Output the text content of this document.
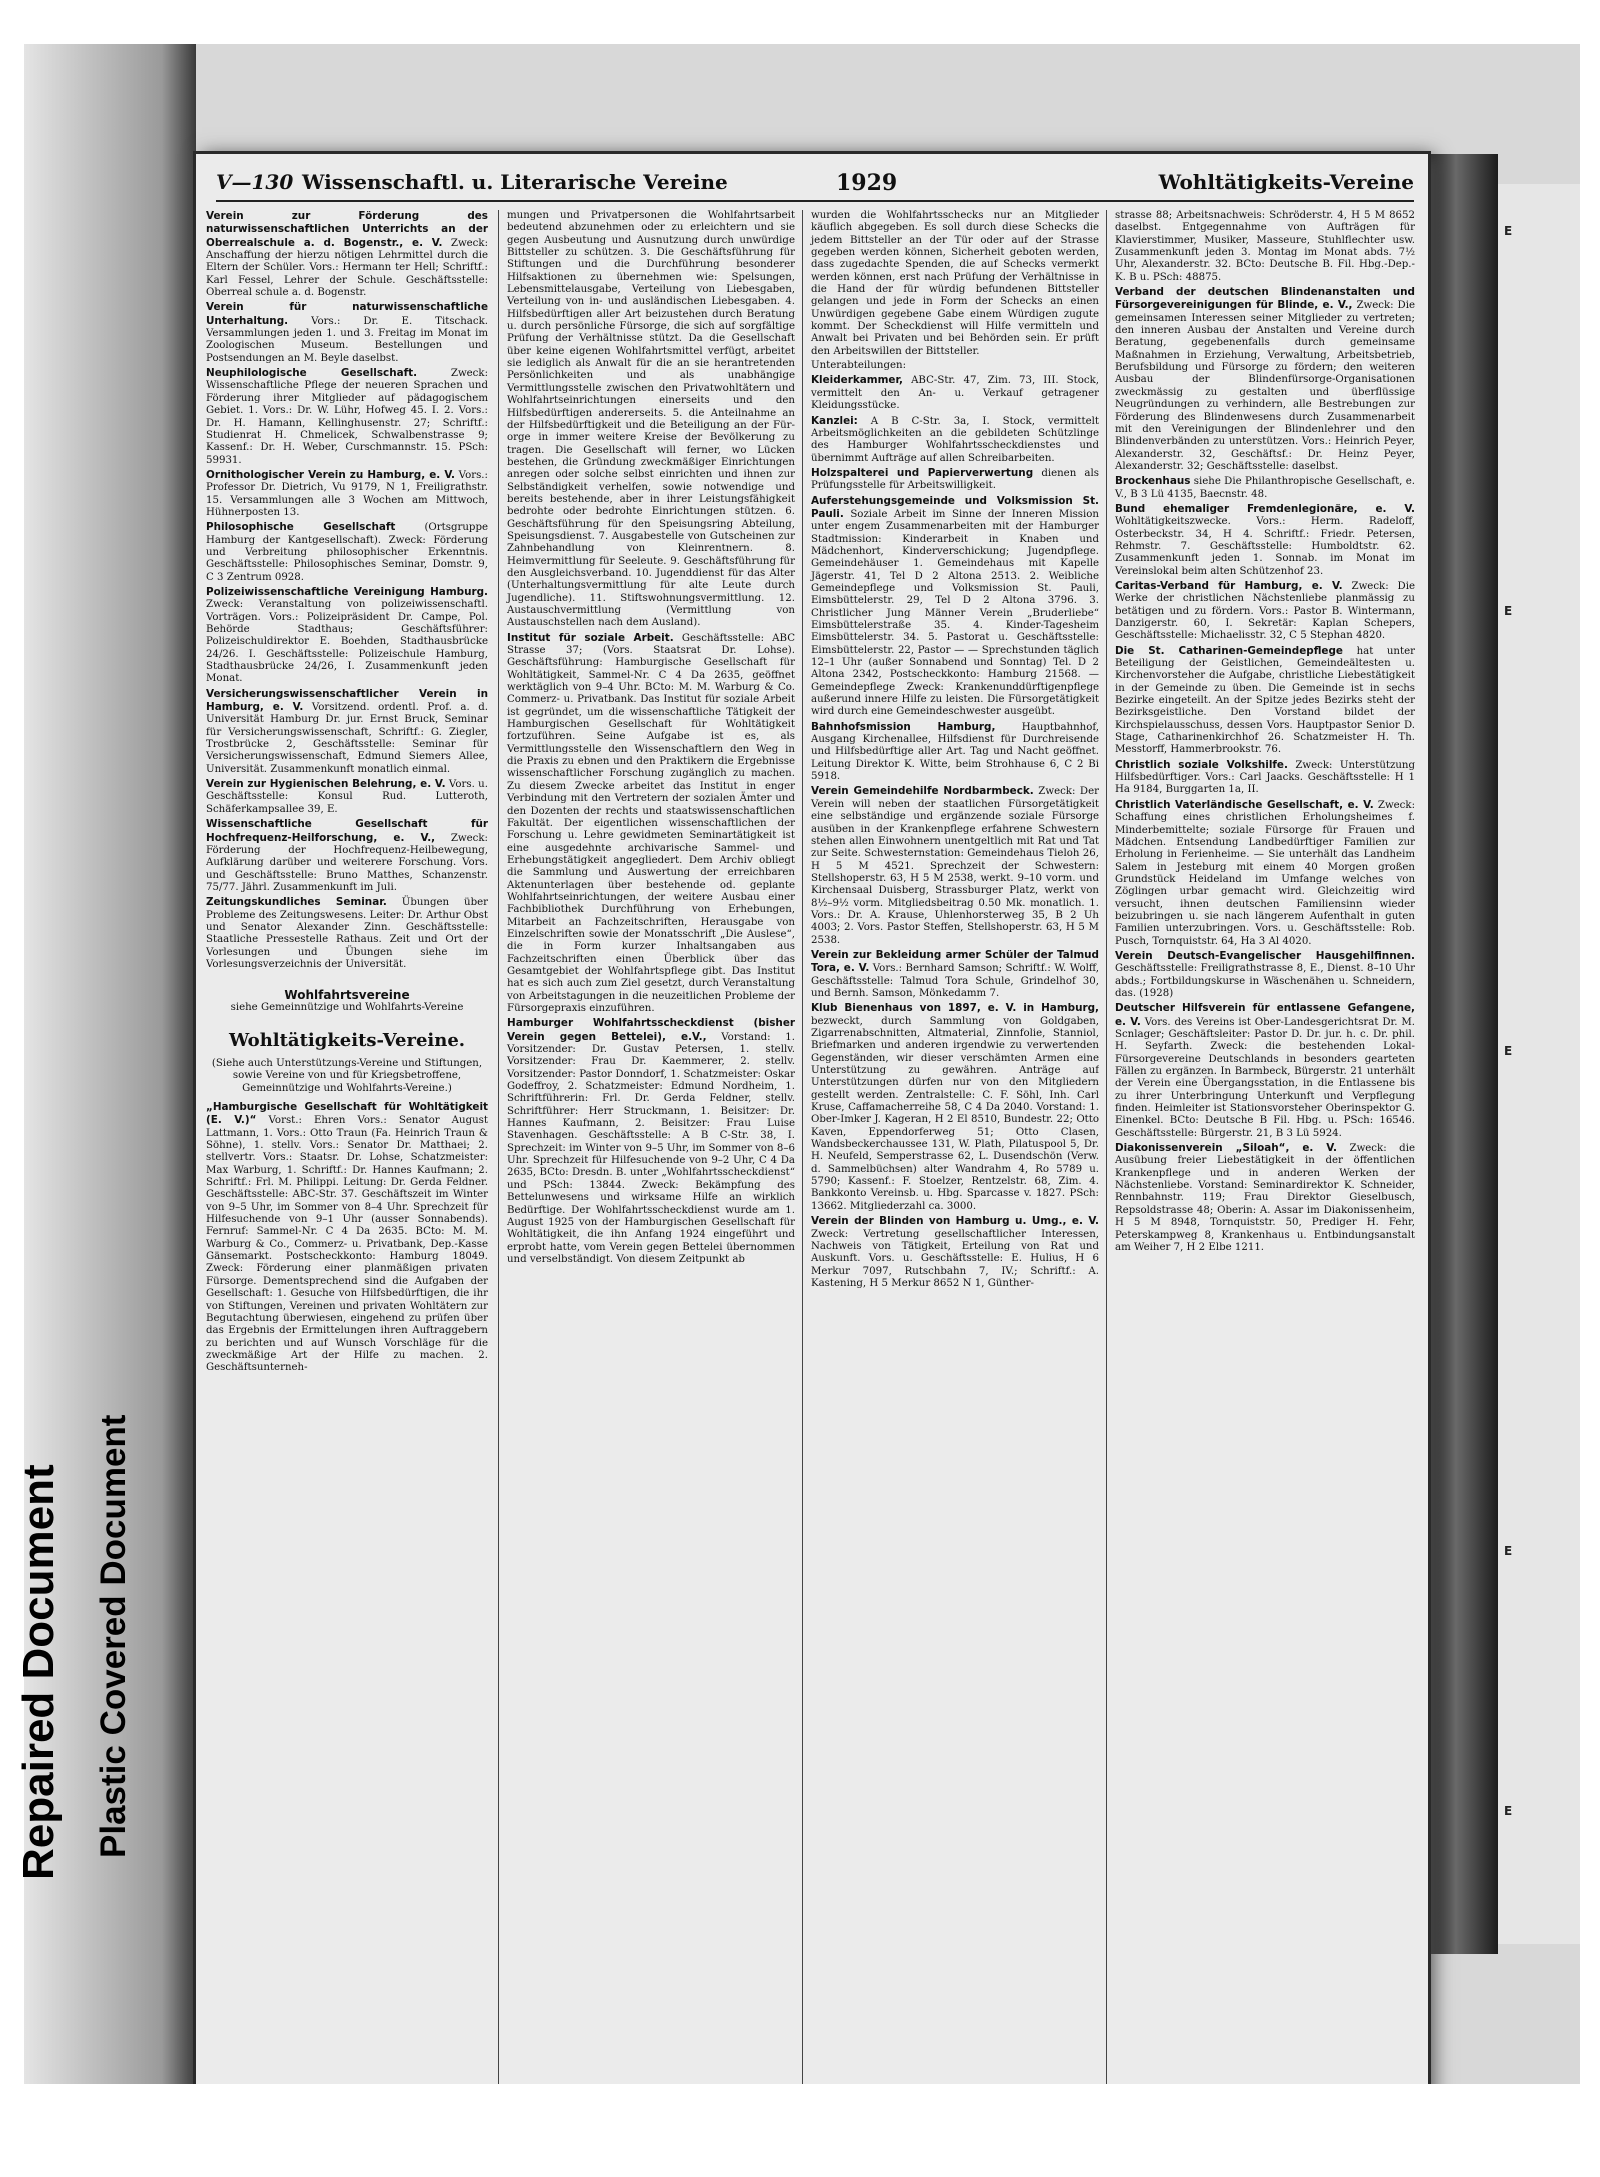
E
E
E
E
E
V—130 Wissenschaftl. u. Literarische Vereine	1929	Wohltätigkeits-Vereine
Verein zur Förderung des naturwissenschaftlichen Unterrichts an der Oberrealschule a. d. Bogenstr., e. V. Zweck: Anschaffung der hierzu nötigen Lehrmittel durch die Eltern der Schüler. Vors.: Hermann ter Hell; Schriftf.: Karl Fessel, Lehrer der Schule. Geschäftsstelle: Oberreal schule a. d. Bogenstr.
Verein für naturwissenschaftliche Unterhaltung. Vors.: Dr. E. Titschack. Versammlungen jeden 1. und 3. Freitag im Monat im Zoologischen Museum. Bestellungen und Postsendungen an M. Beyle daselbst.
Neuphilologische Gesellschaft.	Zweck: Wissenschaftliche Pflege der neueren Sprachen und Förderung ihrer Mitglieder auf pädagogischem Gebiet. 1. Vors.: Dr. W. Lühr, Hofweg 45. I. 2. Vors.: Dr. H. Hamann, Kellinghusenstr. 27; Schriftf.: Studienrat H. Chmelicek, Schwalbenstrasse 9; Kassenf.: Dr. H. Weber, Curschmannstr. 15. PSch: 59931.
Ornithologischer Verein zu Hamburg, e. V. Vors.: Professor Dr. Dietrich, Vu 9179, N 1, Freiligrathstr. 15. Versammlungen alle 3 Wochen am Mittwoch, Hühnerposten 13.
Philosophische Gesellschaft	(Ortsgruppe Hamburg der Kantgesellschaft). Zweck: Förderung und Verbreitung philosophischer Erkenntnis. Geschäftsstelle: Philosophisches Seminar, Domstr. 9, C 3 Zentrum 0928.
Polizeiwissenschaftliche Vereinigung Hamburg. Zweck: Veranstaltung von polizeiwissenschaftl. Vorträgen. Vors.: Polizeipräsident Dr. Campe, Pol. Behörde Stadthaus; Geschäftsführer: Polizeischuldirektor E. Boehden, Stadthausbrücke 24/26. I. Geschäftsstelle: Polizeischule Hamburg, Stadthausbrücke 24/26, I. Zusammenkunft jeden Monat.
Versicherungswissenschaftlicher Verein in Hamburg, e. V. Vorsitzend. ordentl. Prof. a. d. Universität Hamburg Dr. jur. Ernst Bruck, Seminar für Versicherungswissenschaft, Schriftf.: G. Ziegler, Trostbrücke 2, Geschäftsstelle: Seminar für Versicherungswissenschaft, Edmund Siemers Allee, Universität. Zusammenkunft monatlich einmal.
Verein zur Hygienischen Belehrung, e. V. Vors. u. Geschäftsstelle: Konsul Rud. Lutteroth, Schäferkampsallee 39, E.
Wissenschaftliche Gesellschaft für Hochfrequenz-Heilforschung, e. V., Zweck: Förderung der Hochfrequenz-Heilbewegung, Aufklärung darüber und weiterere Forschung. Vors. und Geschäftsstelle: Bruno Matthes, Schanzenstr. 75/77. Jährl. Zusammenkunft im Juli.
Zeitungskundliches Seminar. Übungen über Probleme des Zeitungswesens. Leiter: Dr. Arthur Obst und Senator Alexander Zinn. Geschäftsstelle: Staatliche Pressestelle Rathaus. Zeit und Ort der Vorlesungen und Übungen siehe im Vorlesungsverzeichnis der Universität.
Wohlfahrtsvereine
siehe Gemeinnützige und Wohlfahrts-Vereine
Wohltätigkeits-Vereine.
(Siehe auch Unterstützungs-Vereine und Stiftungen, sowie Vereine von und für Kriegsbetroffene, Gemeinnützige und Wohlfahrts-Vereine.)
„Hamburgische Gesellschaft für Wohltätigkeit (E. V.)“ Vorst.: Ehren Vors.: Senator August Lattmann, 1. Vors.: Otto Traun (Fa. Heinrich Traun & Söhne), 1. stellv. Vors.: Senator Dr. Matthaei; 2. stellvertr. Vors.: Staatsr. Dr. Lohse, Schatzmeister: Max Warburg, 1. Schriftf.: Dr. Hannes Kaufmann; 2. Schriftf.: Frl. M. Philippi. Leitung: Dr. Gerda Feldner. Geschäftsstelle: ABC-Str. 37. Geschäftszeit im Winter von 9–5 Uhr, im Sommer von 8–4 Uhr. Sprechzeit für Hilfesuchende von 9–1 Uhr (ausser Sonnabends). Fernruf: Sammel-Nr. C 4 Da 2635. BCto: M. M. Warburg & Co., Commerz- u. Privatbank, Dep.-Kasse Gänsemarkt. Postscheckkonto: Hamburg 18049. Zweck: Förderung einer planmäßigen privaten Fürsorge. Dementsprechend sind die Aufgaben der Gesellschaft: 1. Gesuche von Hilfsbedürftigen, die ihr von Stiftungen, Vereinen und privaten Wohltätern zur Begutachtung überwiesen, eingehend zu prüfen über das Ergebnis der Ermittelungen ihren Auftraggebern zu berichten und auf Wunsch Vorschläge für die zweckmäßige Art der Hilfe zu machen. 2. Geschäftsunterneh-
mungen und Privatpersonen die Wohlfahrtsarbeit bedeutend abzunehmen oder zu erleichtern und sie gegen Ausbeutung und Ausnutzung durch unwürdige Bittsteller zu schützen. 3. Die Geschäftsführung für Stiftungen und die Durchführung besonderer Hilfsaktionen zu übernehmen wie: Spelsungen, Lebensmittelausgabe, Verteilung von Liebesgaben, Verteilung von in- und ausländischen Liebesgaben. 4. Hilfsbedürftigen aller Art beizustehen durch Beratung u. durch persönliche Fürsorge, die sich auf sorgfältige Prüfung der Verhältnisse stützt. Da die Gesellschaft über keine eigenen Wohlfahrtsmittel verfügt, arbeitet sie lediglich als Anwalt für die an sie herantretenden Persönlichkeiten und als unabhängige Vermittlungsstelle zwischen den Privatwohltätern und Wohlfahrtseinrichtungen einerseits und den Hilfsbedürftigen andererseits. 5. die Anteilnahme an der Hilfsbedürftigkeit und die Beteiligung an der Für-orge in immer weitere Kreise der Bevölkerung zu tragen. Die Gesellschaft will ferner, wo Lücken bestehen, die Gründung zweckmäßiger Einrichtungen anregen oder solche selbst einrichten und ihnen zur Selbständigkeit verhelfen, sowie notwendige und bereits bestehende, aber in ihrer Leistungsfähigkeit bedrohte oder bedrohte Einrichtungen stützen. 6. Geschäftsführung für den Speisungsring Abteilung, Speisungsdienst. 7. Ausgabestelle von Gutscheinen zur Zahnbehandlung von Kleinrentnern. 8. Heimvermittlung für Seeleute. 9. Geschäftsführung für den Ausgleichsverband. 10. Jugenddienst für das Alter (Unterhaltungsvermittlung für alte Leute durch Jugendliche). 11. Stiftswohnungsvermittlung. 12. Austauschvermittlung (Vermittlung von Austauschstellen nach dem Ausland).
Institut für soziale Arbeit. Geschäftsstelle: ABC Strasse 37; (Vors. Staatsrat Dr. Lohse). Geschäftsführung: Hamburgische Gesellschaft für Wohltätigkeit, Sammel-Nr. C 4 Da 2635, geöffnet werktäglich von 9–4 Uhr. BCto: M. M. Warburg & Co. Commerz- u. Privatbank. Das Institut für soziale Arbeit ist gegründet, um die wissenschaftliche Tätigkeit der Hamburgischen Gesellschaft für Wohltätigkeit fortzuführen. Seine Aufgabe ist es, als Vermittlungsstelle den Wissenschaftlern den Weg in die Praxis zu ebnen und den Praktikern die Ergebnisse wissenschaftlicher Forschung zugänglich zu machen. Zu diesem Zwecke arbeitet das Institut in enger Verbindung mit den Vertretern der sozialen Ämter und den Dozenten der rechts und staatswissenschaftlichen Fakultät. Der eigentlichen wissenschaftlichen der Forschung u. Lehre gewidmeten Seminartätigkeit ist eine ausgedehnte archivarische Sammel- und Erhebungstätigkeit angegliedert. Dem Archiv obliegt die Sammlung und Auswertung der erreichbaren Aktenunterlagen über bestehende od. geplante Wohlfahrtseinrichtungen, der weitere Ausbau einer Fachbibliothek Durchführung von Erhebungen, Mitarbeit an Fachzeitschriften, Herausgabe von Einzelschriften sowie der Monatsschrift „Die Auslese“, die in Form kurzer Inhaltsangaben aus Fachzeitschriften einen Überblick über das Gesamtgebiet der Wohlfahrtspflege gibt. Das Institut hat es sich auch zum Ziel gesetzt, durch Veranstaltung von Arbeitstagungen in die neuzeitlichen Probleme der Fürsorgepraxis einzuführen.
Hamburger Wohlfahrtsscheckdienst (bisher Verein gegen Bettelei), e.V., Vorstand: 1. Vorsitzender: Dr. Gustav Petersen, 1. stellv. Vorsitzender: Frau Dr. Kaemmerer, 2. stellv. Vorsitzender: Pastor Donndorf, 1. Schatzmeister: Oskar Godeffroy, 2. Schatzmeister: Edmund Nordheim, 1. Schriftführerin: Frl. Dr. Gerda Feldner, stellv. Schriftführer: Herr Struckmann, 1. Beisitzer: Dr. Hannes Kaufmann, 2. Beisitzer: Frau Luise Stavenhagen. Geschäftsstelle: A B C-Str. 38, I. Sprechzeit: im Winter von 9–5 Uhr, im Sommer von 8–6 Uhr. Sprechzeit für Hilfesuchende von 9–2 Uhr, C 4 Da 2635, BCto: Dresdn. B. unter „Wohlfahrtsscheckdienst“ und PSch: 13844. Zweck: Bekämpfung des Bettelunwesens und wirksame Hilfe an wirklich Bedürftige. Der Wohlfahrtsscheckdienst wurde am 1. August 1925 von der Hamburgischen Gesellschaft für Wohltätigkeit, die ihn Anfang 1924 eingeführt und erprobt hatte, vom Verein gegen Bettelei übernommen und verselbständigt. Von diesem Zeitpunkt ab
wurden die Wohlfahrtsschecks nur an Mitglieder käuflich abgegeben. Es soll durch diese Schecks die jedem Bittsteller an der Tür oder auf der Strasse gegeben werden können, Sicherheit geboten werden, dass zugedachte Spenden, die auf Schecks vermerkt werden können, erst nach Prüfung der Verhältnisse in die Hand der für würdig befundenen Bittsteller gelangen und jede in Form der Schecks an einen Unwürdigen gegebene Gabe einem Würdigen zugute kommt. Der Scheckdienst will Hilfe vermitteln und Anwalt bei Privaten und bei Behörden sein. Er prüft den Arbeitswillen der Bittsteller.
Unterabteilungen:
Kleiderkammer, ABC-Str. 47, Zim. 73, III. Stock, vermittelt den An- u. Verkauf getragener Kleidungsstücke.
Kanzlei: A B C-Str. 3a, I. Stock, vermittelt Arbeitsmöglichkeiten an die gebildeten Schützlinge des Hamburger Wohlfahrtsscheckdienstes und übernimmt Aufträge auf allen Schreibarbeiten.
Holzspalterei und Papierverwertung dienen als Prüfungsstelle für Arbeitswilligkeit.
Auferstehungsgemeinde und Volksmission St. Pauli. Soziale Arbeit im Sinne der Inneren Mission unter engem Zusammenarbeiten mit der Hamburger Stadtmission: Kinderarbeit in Knaben und Mädchenhort, Kinderverschickung; Jugendpflege. Gemeindehäuser 1. Gemeindehaus mit Kapelle Jägerstr. 41, Tel D 2 Altona 2513. 2. Weibliche Gemeindepflege und Volksmission St. Pauli, Eimsbüttelerstr. 29, Tel D 2 Altona 3796. 3. Christlicher Jung Männer Verein „Bruderliebe“ Eimsbüttelerstraße 35. 4. Kinder-Tagesheim Eimsbüttelerstr. 34. 5. Pastorat u. Geschäftsstelle: Eimsbüttelerstr. 22, Pastor — — Sprechstunden täglich 12–1 Uhr (außer Sonnabend und Sonntag) Tel. D 2 Altona 2342, Postscheckkonto: Hamburg 21568. — Gemeindepflege Zweck: Krankenunddürftigenpflege außerund innere Hilfe zu leisten. Die Fürsorgetätigkeit wird durch eine Gemeindeschwester ausgeübt.
Bahnhofsmission Hamburg,	Hauptbahnhof, Ausgang Kirchenallee, Hilfsdienst für Durchreisende und Hilfsbedürftige aller Art. Tag und Nacht geöffnet. Leitung Direktor K. Witte, beim Strohhause 6, C 2 Bi 5918.
Verein Gemeindehilfe Nordbarmbeck. Zweck: Der Verein will neben der staatlichen Fürsorgetätigkeit eine selbständige und ergänzende soziale Fürsorge ausüben in der Krankenpflege erfahrene Schwestern stehen allen Einwohnern unentgeltlich mit Rat und Tat zur Seite. Schwesternstation: Gemeindehaus Tieloh 26, H 5 M 4521. Sprechzeit der Schwestern: Stellshoperstr. 63, H 5 M 2538, werkt. 9–10 vorm. und Kirchensaal Duisberg, Strassburger Platz, werkt von 8½–9½ vorm. Mitgliedsbeitrag 0.50 Mk. monatlich. 1. Vors.: Dr. A. Krause, Uhlenhorsterweg 35, B 2 Uh 4003; 2. Vors. Pastor Steffen, Stellshoperstr. 63, H 5 M 2538.
Verein zur Bekleidung armer Schüler der Talmud Tora, e. V. Vors.: Bernhard Samson; Schriftf.: W. Wolff, Geschäftsstelle: Talmud Tora Schule, Grindelhof 30, und Bernh. Samson, Mönkedamm 7.
Klub Bienenhaus von 1897, e. V. in Hamburg, bezweckt, durch Sammlung von Goldgaben, Zigarrenabschnitten, Altmaterial, Zinnfolie, Stanniol, Briefmarken und anderen irgendwie zu verwertenden Gegenständen, wir dieser verschämten Armen eine Unterstützung zu gewähren. Anträge auf Unterstützungen dürfen nur von den Mitgliedern gestellt werden. Zentralstelle: C. F. Söhl, Inh. Carl Kruse, Caffamacherreihe 58, C 4 Da 2040. Vorstand: 1. Ober-Imker J. Kageran, H 2 El 8510, Bundestr. 22; Otto Kaven, Eppendorferweg 51; Otto Clasen, Wandsbeckerchaussee 131, W. Plath, Pilatuspool 5, Dr. H. Neufeld, Semperstrasse 62, L. Dusendschön (Verw. d. Sammelbüchsen) alter Wandrahm 4, Ro 5789 u. 5790; Kassenf.: F. Stoelzer, Rentzelstr. 68, Zim. 4. Bankkonto Vereinsb. u. Hbg. Sparcasse v. 1827. PSch: 13662. Mitgliederzahl ca. 3000.
Verein der Blinden von Hamburg u. Umg., e. V. Zweck: Vertretung gesellschaftlicher Interessen, Nachweis von Tätigkeit, Erteilung von Rat und Auskunft. Vors. u. Geschäftsstelle: E. Hulius, H 6 Merkur 7097, Rutschbahn 7, IV.; Schriftf.: A. Kastening, H 5 Merkur 8652 N 1, Günther-
strasse 88; Arbeitsnachweis: Schröderstr. 4, H 5 M 8652 daselbst. Entgegennahme von Aufträgen für Klavierstimmer, Musiker, Masseure, Stuhlflechter usw. Zusammenkunft jeden 3. Montag im Monat abds. 7½ Uhr, Alexanderstr. 32. BCto: Deutsche B. Fil. Hbg.-Dep.-K. B u. PSch: 48875.
Verband der deutschen Blindenanstalten und Fürsorgevereinigungen für Blinde, e. V., Zweck: Die gemeinsamen Interessen seiner Mitglieder zu vertreten; den inneren Ausbau der Anstalten und Vereine durch Beratung, gegebenenfalls durch gemeinsame Maßnahmen in Erziehung, Verwaltung, Arbeitsbetrieb, Berufsbildung und Fürsorge zu fördern; den weiteren Ausbau der Blindenfürsorge-Organisationen zweckmässig zu gestalten und überflüssige Neugründungen zu verhindern, alle Bestrebungen zur Förderung des Blindenwesens durch Zusammenarbeit mit den Vereinigungen der Blindenlehrer und den Blindenverbänden zu unterstützen. Vors.: Heinrich Peyer, Alexanderstr. 32, Geschäftsf.: Dr. Heinz Peyer, Alexanderstr. 32; Geschäftsstelle: daselbst.
Brockenhaus siehe Die Philanthropische Gesellschaft, e. V., B 3 Lü 4135, Baecnstr. 48.
Bund ehemaliger Fremdenlegionäre, e. V. Wohltätigkeitszwecke. Vors.: Herm. Radeloff, Osterbeckstr. 34, H 4. Schriftf.: Friedr. Petersen, Rehmstr. 7. Geschäftsstelle: Humboldtstr. 62. Zusammenkunft jeden 1. Sonnab. im Monat im Vereinslokal beim alten Schützenhof 23.
Caritas-Verband für Hamburg, e. V. Zweck: Die Werke der christlichen Nächstenliebe planmässig zu betätigen und zu fördern. Vors.: Pastor B. Wintermann, Danzigerstr. 60, I. Sekretär: Kaplan Schepers, Geschäftsstelle: Michaelisstr. 32, C 5 Stephan 4820.
Die St. Catharinen-Gemeindepflege hat unter Beteiligung der Geistlichen, Gemeindeältesten u. Kirchenvorsteher die Aufgabe, christliche Liebestätigkeit in der Gemeinde zu üben. Die Gemeinde ist in sechs Bezirke eingeteilt. An der Spitze jedes Bezirks steht der Bezirksgeistliche. Den Vorstand bildet der Kirchspielausschuss, dessen Vors. Hauptpastor Senior D. Stage, Catharinenkirchhof 26. Schatzmeister H. Th. Messtorff, Hammerbrookstr. 76.
Christlich soziale Volkshilfe. Zweck: Unterstützung Hilfsbedürftiger. Vors.: Carl Jaacks. Geschäftsstelle: H 1 Ha 9184, Burggarten 1a, II.
Christlich Vaterländische Gesellschaft, e. V. Zweck: Schaffung eines christlichen Erholungsheimes f. Minderbemittelte; soziale Fürsorge für Frauen und Mädchen. Entsendung Landbedürftiger Familien zur Erholung in Ferienheime. — Sie unterhält das Landheim Salem in Jesteburg mit einem 40 Morgen großen Grundstück Heideland im Umfange welches von Zöglingen urbar gemacht wird. Gleichzeitig wird versucht, ihnen deutschen Familiensinn wieder beizubringen u. sie nach längerem Aufenthalt in guten Familien unterzubringen. Vors. u. Geschäftsstelle: Rob. Pusch, Tornquiststr. 64, Ha 3 Al 4020.
Verein Deutsch-Evangelischer Hausgehilfinnen. Geschäftsstelle: Freiligrathstrasse 8, E., Dienst. 8–10 Uhr abds.; Fortbildungskurse in Wäschenähen u. Schneidern, das. (1928)
Deutscher Hilfsverein für entlassene Gefangene, e. V. Vors. des Vereins ist Ober-Landesgerichtsrat Dr. M. Scnlager; Geschäftsleiter: Pastor D. Dr. jur. h. c. Dr. phil. H. Seyfarth. Zweck: die bestehenden Lokal-Fürsorgevereine Deutschlands in besonders gearteten Fällen zu ergänzen. In Barmbeck, Bürgerstr. 21 unterhält der Verein eine Übergangsstation, in die Entlassene bis zu ihrer Unterbringung Unterkunft und Verpflegung finden. Heimleiter ist Stationsvorsteher Oberinspektor G. Einenkel. BCto: Deutsche B Fil. Hbg. u. PSch: 16546. Geschäftsstelle: Bürgerstr. 21, B 3 Lü 5924.
Diakonissenverein „Siloah“, e. V. Zweck: die Ausübung freier Liebestätigkeit in der öffentlichen Krankenpflege und in anderen Werken der Nächstenliebe. Vorstand: Seminardirektor K. Schneider, Rennbahnstr. 119; Frau Direktor Gieselbusch, Repsoldstrasse 48; Oberin: A. Assar im Diakonissenheim, H 5 M 8948, Tornquiststr. 50, Prediger H. Fehr, Peterskampweg 8, Krankenhaus u. Entbindungsanstalt am Weiher 7, H 2 Elbe 1211.
Repaired Document Plastic Covered Document
